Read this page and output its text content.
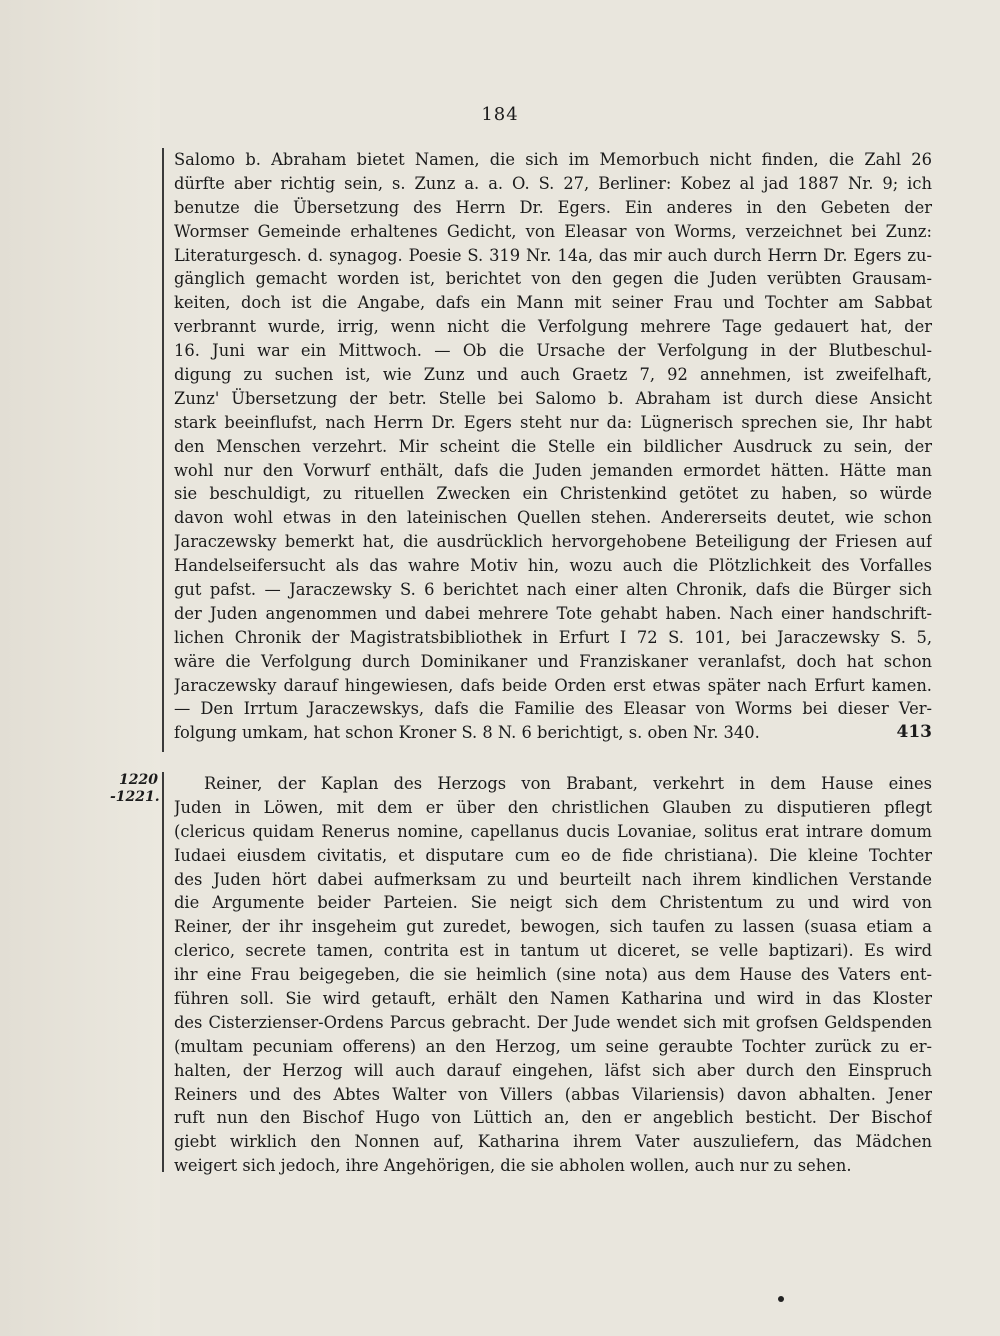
184
1220
-1221.
Salomo b. Abraham bietet Namen, die sich im Memorbuch nicht finden, die Zahl 26
dürfte aber richtig sein, s. Zunz a. a. O. S. 27, Berliner: Kobez al jad 1887 Nr. 9; ich
benutze die Übersetzung des Herrn Dr. Egers. Ein anderes in den Gebeten der
Wormser Gemeinde erhaltenes Gedicht, von Eleasar von Worms, verzeichnet bei Zunz:
Literaturgesch. d. synagog. Poesie S. 319 Nr. 14a, das mir auch durch Herrn Dr. Egers zu-
gänglich gemacht worden ist, berichtet von den gegen die Juden verübten Grausam-
keiten, doch ist die Angabe, dafs ein Mann mit seiner Frau und Tochter am Sabbat
verbrannt wurde, irrig, wenn nicht die Verfolgung mehrere Tage gedauert hat, der
16. Juni war ein Mittwoch. — Ob die Ursache der Verfolgung in der Blutbeschul-
digung zu suchen ist, wie Zunz und auch Graetz 7, 92 annehmen, ist zweifelhaft,
Zunz' Übersetzung der betr. Stelle bei Salomo b. Abraham ist durch diese Ansicht
stark beeinflufst, nach Herrn Dr. Egers steht nur da: Lügnerisch sprechen sie, Ihr habt
den Menschen verzehrt. Mir scheint die Stelle ein bildlicher Ausdruck zu sein, der
wohl nur den Vorwurf enthält, dafs die Juden jemanden ermordet hätten. Hätte man
sie beschuldigt, zu rituellen Zwecken ein Christenkind getötet zu haben, so würde
davon wohl etwas in den lateinischen Quellen stehen. Andererseits deutet, wie schon
Jaraczewsky bemerkt hat, die ausdrücklich hervorgehobene Beteiligung der Friesen auf
Handelseifersucht als das wahre Motiv hin, wozu auch die Plötzlichkeit des Vorfalles
gut pafst. — Jaraczewsky S. 6 berichtet nach einer alten Chronik, dafs die Bürger sich
der Juden angenommen und dabei mehrere Tote gehabt haben. Nach einer handschrift-
lichen Chronik der Magistratsbibliothek in Erfurt I 72 S. 101, bei Jaraczewsky S. 5,
wäre die Verfolgung durch Dominikaner und Franziskaner veranlafst, doch hat schon
Jaraczewsky darauf hingewiesen, dafs beide Orden erst etwas später nach Erfurt kamen.
— Den Irrtum Jaraczewskys, dafs die Familie des Eleasar von Worms bei dieser Ver-
413
folgung umkam, hat schon Kroner S. 8 N. 6 berichtigt, s. oben Nr. 340.
Reiner, der Kaplan des Herzogs von Brabant, verkehrt in dem Hause eines
Juden in Löwen, mit dem er über den christlichen Glauben zu disputieren pflegt
(clericus quidam Renerus nomine, capellanus ducis Lovaniae, solitus erat intrare domum
Iudaei eiusdem civitatis, et disputare cum eo de fide christiana). Die kleine Tochter
des Juden hört dabei aufmerksam zu und beurteilt nach ihrem kindlichen Verstande
die Argumente beider Parteien. Sie neigt sich dem Christentum zu und wird von
Reiner, der ihr insgeheim gut zuredet, bewogen, sich taufen zu lassen (suasa etiam a
clerico, secrete tamen, contrita est in tantum ut diceret, se velle baptizari). Es wird
ihr eine Frau beigegeben, die sie heimlich (sine nota) aus dem Hause des Vaters ent-
führen soll. Sie wird getauft, erhält den Namen Katharina und wird in das Kloster
des Cisterzienser-Ordens Parcus gebracht. Der Jude wendet sich mit grofsen Geldspenden
(multam pecuniam offerens) an den Herzog, um seine geraubte Tochter zurück zu er-
halten, der Herzog will auch darauf eingehen, läfst sich aber durch den Einspruch
Reiners und des Abtes Walter von Villers (abbas Vilariensis) davon abhalten. Jener
ruft nun den Bischof Hugo von Lüttich an, den er angeblich besticht. Der Bischof
giebt wirklich den Nonnen auf, Katharina ihrem Vater auszuliefern, das Mädchen
weigert sich jedoch, ihre Angehörigen, die sie abholen wollen, auch nur zu sehen.
